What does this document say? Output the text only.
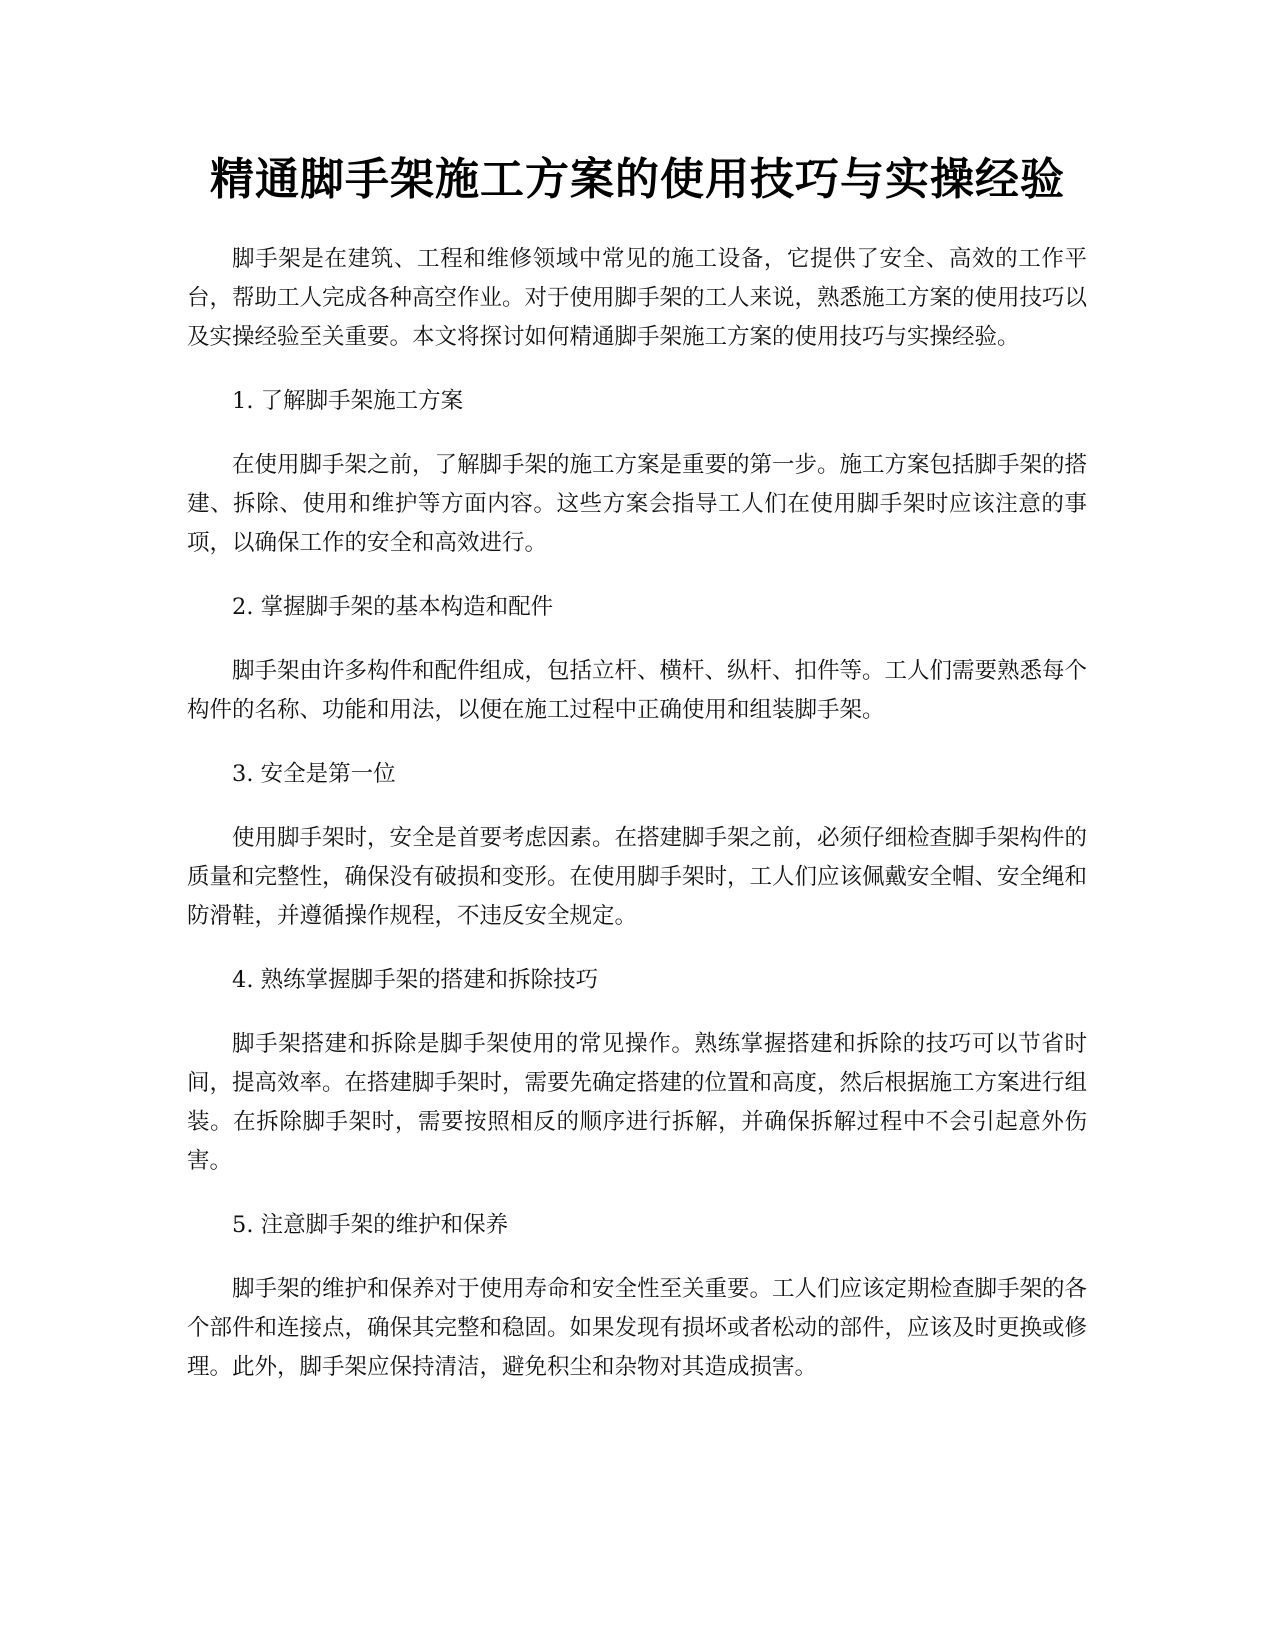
精通脚手架施工方案的使用技巧与实操经验

脚手架是在建筑、工程和维修领域中常见的施工设备，它提供了安全、高效的工作平台，帮助工人完成各种高空作业。对于使用脚手架的工人来说，熟悉施工方案的使用技巧以及实操经验至关重要。本文将探讨如何精通脚手架施工方案的使用技巧与实操经验。

1. 了解脚手架施工方案

在使用脚手架之前，了解脚手架的施工方案是重要的第一步。施工方案包括脚手架的搭建、拆除、使用和维护等方面内容。这些方案会指导工人们在使用脚手架时应该注意的事项，以确保工作的安全和高效进行。

2. 掌握脚手架的基本构造和配件

脚手架由许多构件和配件组成，包括立杆、横杆、纵杆、扣件等。工人们需要熟悉每个构件的名称、功能和用法，以便在施工过程中正确使用和组装脚手架。

3. 安全是第一位

使用脚手架时，安全是首要考虑因素。在搭建脚手架之前，必须仔细检查脚手架构件的质量和完整性，确保没有破损和变形。在使用脚手架时，工人们应该佩戴安全帽、安全绳和防滑鞋，并遵循操作规程，不违反安全规定。

4. 熟练掌握脚手架的搭建和拆除技巧

脚手架搭建和拆除是脚手架使用的常见操作。熟练掌握搭建和拆除的技巧可以节省时间，提高效率。在搭建脚手架时，需要先确定搭建的位置和高度，然后根据施工方案进行组装。在拆除脚手架时，需要按照相反的顺序进行拆解，并确保拆解过程中不会引起意外伤害。

5. 注意脚手架的维护和保养

脚手架的维护和保养对于使用寿命和安全性至关重要。工人们应该定期检查脚手架的各个部件和连接点，确保其完整和稳固。如果发现有损坏或者松动的部件，应该及时更换或修理。此外，脚手架应保持清洁，避免积尘和杂物对其造成损害。
